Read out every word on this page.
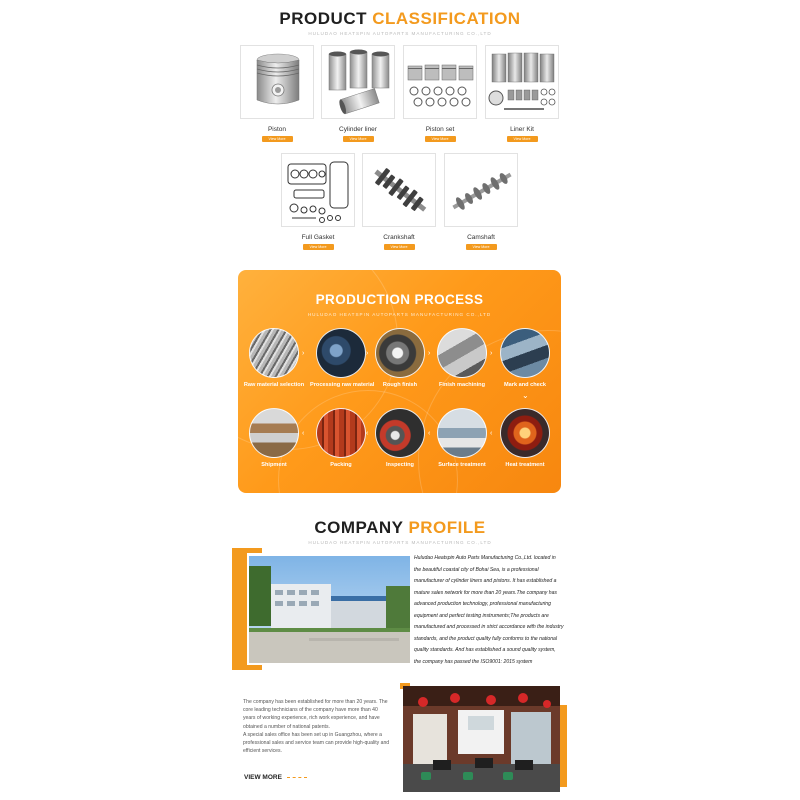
PRODUCT CLASSIFICATION
HULUDAO HEATSPIN AUTOPARTS MANUFACTURING CO.,LTD
Piston
View More
Cylinder liner
View More
Piston set
View More
Liner Kit
View More
Full Gasket
View More
Crankshaft
View More
Camshaft
View More
PRODUCTION PROCESS
HULUDAO HEATSPIN AUTOPARTS MANUFACTURING CO.,LTD
Raw material selection
›
Processing raw material
›
Rough finish
›
Finish machining
›
Mark and check
⌄
Shipment
‹
Packing
‹
Inspecting
‹
Surface treatment
‹
Heat treatment
COMPANY PROFILE
HULUDAO HEATSPIN AUTOPARTS MANUFACTURING CO.,LTD
Huludao Heatspin Auto Parts Manufacturing Co.,Ltd. located in the beautiful coastal city of Bohai Sea, is a professional manufacturer of cylinder liners and pistons. It has established a mature sales network for more than 20 years.The company has advanced production technology, professional manufacturing equipment and perfect testing instruments;The products are manufactured and processed in strict accordance with the industry standards, and the product quality fully conforms to the national quality standards. And has established a sound quality system, the company has passed the ISO9001: 2015 system
The company has been established for more than 20 years. The core leading technicians of the company have more than 40 years of working experience, rich work experience, and have obtained a number of national patents.
A special sales office has been set up in Guangzhou, where a professional sales and service team can provide high-quality and efficient services.
VIEW MORE
